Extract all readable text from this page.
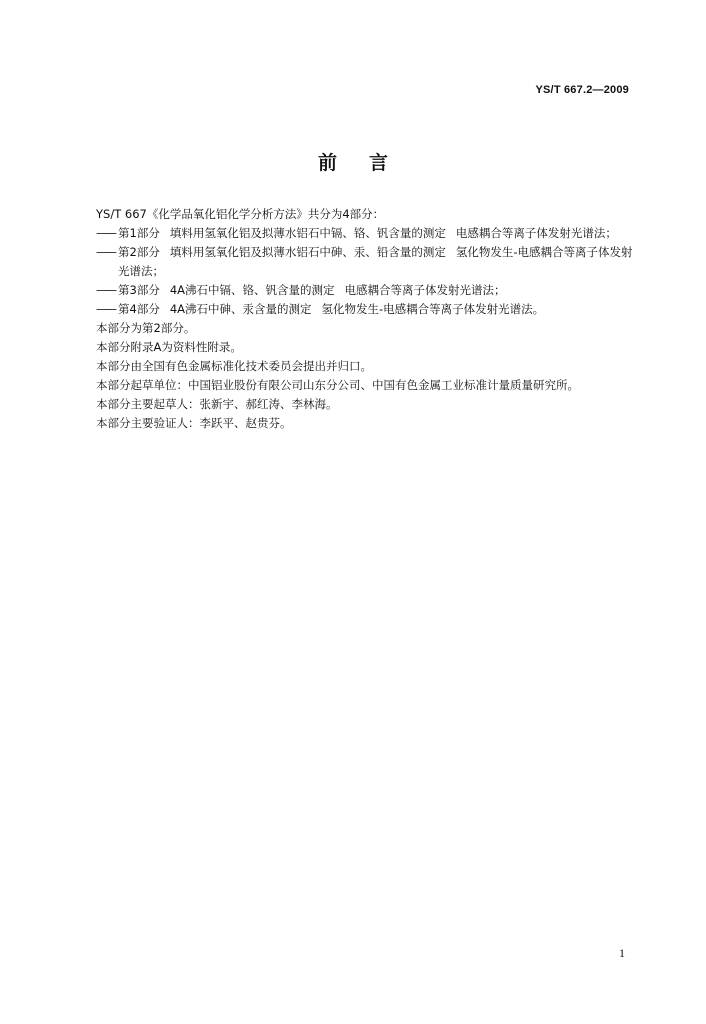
YS/T 667.2—2009
前 言

YS/T 667《化学品氧化铝化学分析方法》共分为4部分：

—— 第1部分 填料用氢氧化铝及拟薄水铝石中镉、铬、钒含量的测定 电感耦合等离子体发射光谱法；
—— 第2部分 填料用氢氧化铝及拟薄水铝石中砷、汞、铅含量的测定 氢化物发生-电感耦合等离子体发射光谱法；
—— 第3部分 4A沸石中镉、铬、钒含量的测定 电感耦合等离子体发射光谱法；
—— 第4部分 4A沸石中砷、汞含量的测定 氢化物发生-电感耦合等离子体发射光谱法。

本部分为第2部分。

本部分附录A为资料性附录。

本部分由全国有色金属标准化技术委员会提出并归口。

本部分起草单位：中国铝业股份有限公司山东分公司、中国有色金属工业标准计量质量研究所。

本部分主要起草人：张新宇、郝红涛、李林海。

本部分主要验证人：李跃平、赵贵芬。

1
